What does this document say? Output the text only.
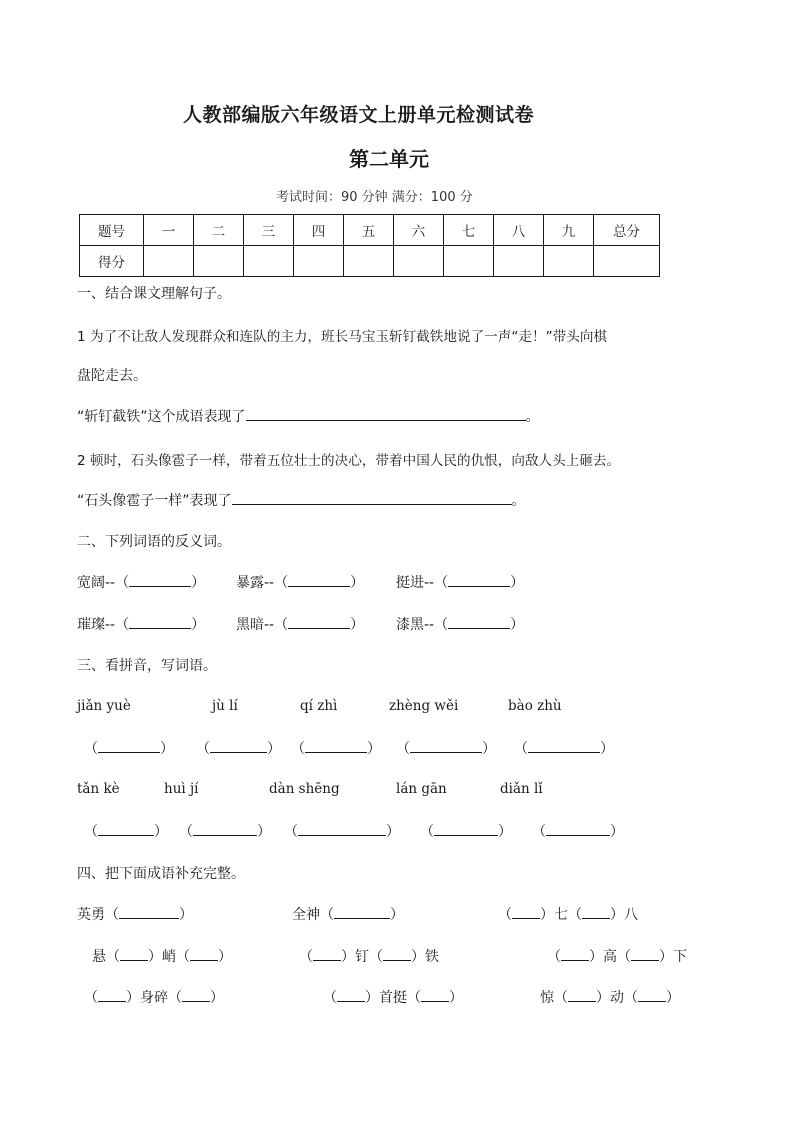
人教部编版六年级语文上册单元检测试卷
第二单元
考试时间：90 分钟 满分：100 分
题号	一	二	三	四	五	六	七	八	九	总分
得分										
一、结合课文理解句子。
1 为了不让敌人发现群众和连队的主力，班长马宝玉斩钉截铁地说了一声“走！”带头向棋
盘陀走去。
“斩钉截铁”这个成语表现了	。
2 顿时，石头像雹子一样，带着五位壮士的决心，带着中国人民的仇恨，向敌人头上砸去。
“石头像雹子一样”表现了	。
二、下列词语的反义词。
宽阔--（	） 暴露--（	） 挺进--（	）
璀璨--（	） 黑暗--（	） 漆黑--（	）
三、看拼音，写词语。
jiǎn yuè	jù lí	qí zhì	zhèng wěi	bào zhù
（	） （	） （	） （	） （	）
tǎn kè	huì jí	dàn shēng	lán gān	diǎn lǐ
（	） （	） （	） （	） （	）
四、把下面成语补充完整。
英勇（	）	全神（	）	（ ）七（ ）八
悬（ ）峭（ ）	（ ）钉（ ）铁	（ ）高（ ）下
（ ）身碎（ ）	（ ）首挺（ ）	惊（ ）动（ ）
